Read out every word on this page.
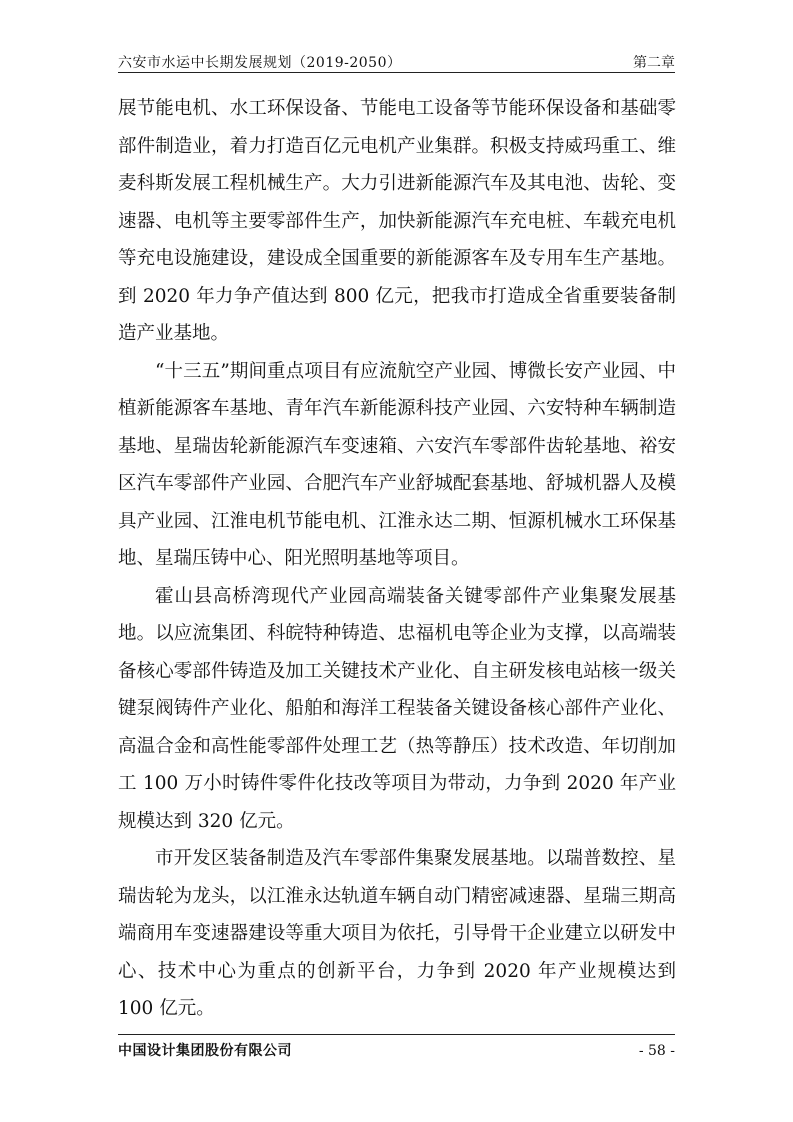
六安市水运中长期发展规划（2019-2050）	第二章

展节能电机、水工环保设备、节能电工设备等节能环保设备和基础零部件制造业，着力打造百亿元电机产业集群。积极支持威玛重工、维麦科斯发展工程机械生产。大力引进新能源汽车及其电池、齿轮、变速器、电机等主要零部件生产，加快新能源汽车充电桩、车载充电机等充电设施建设，建设成全国重要的新能源客车及专用车生产基地。到 2020 年力争产值达到 800 亿元，把我市打造成全省重要装备制造产业基地。

“十三五”期间重点项目有应流航空产业园、博微长安产业园、中植新能源客车基地、青年汽车新能源科技产业园、六安特种车辆制造基地、星瑞齿轮新能源汽车变速箱、六安汽车零部件齿轮基地、裕安区汽车零部件产业园、合肥汽车产业舒城配套基地、舒城机器人及模具产业园、江淮电机节能电机、江淮永达二期、恒源机械水工环保基地、星瑞压铸中心、阳光照明基地等项目。

霍山县高桥湾现代产业园高端装备关键零部件产业集聚发展基地。以应流集团、科皖特种铸造、忠福机电等企业为支撑，以高端装备核心零部件铸造及加工关键技术产业化、自主研发核电站核一级关键泵阀铸件产业化、船舶和海洋工程装备关键设备核心部件产业化、高温合金和高性能零部件处理工艺（热等静压）技术改造、年切削加工 100 万小时铸件零件化技改等项目为带动，力争到 2020 年产业规模达到 320 亿元。

市开发区装备制造及汽车零部件集聚发展基地。以瑞普数控、星瑞齿轮为龙头，以江淮永达轨道车辆自动门精密减速器、星瑞三期高端商用车变速器建设等重大项目为依托，引导骨干企业建立以研发中心、技术中心为重点的创新平台，力争到 2020 年产业规模达到 100 亿元。

中国设计集团股份有限公司	- 58 -
